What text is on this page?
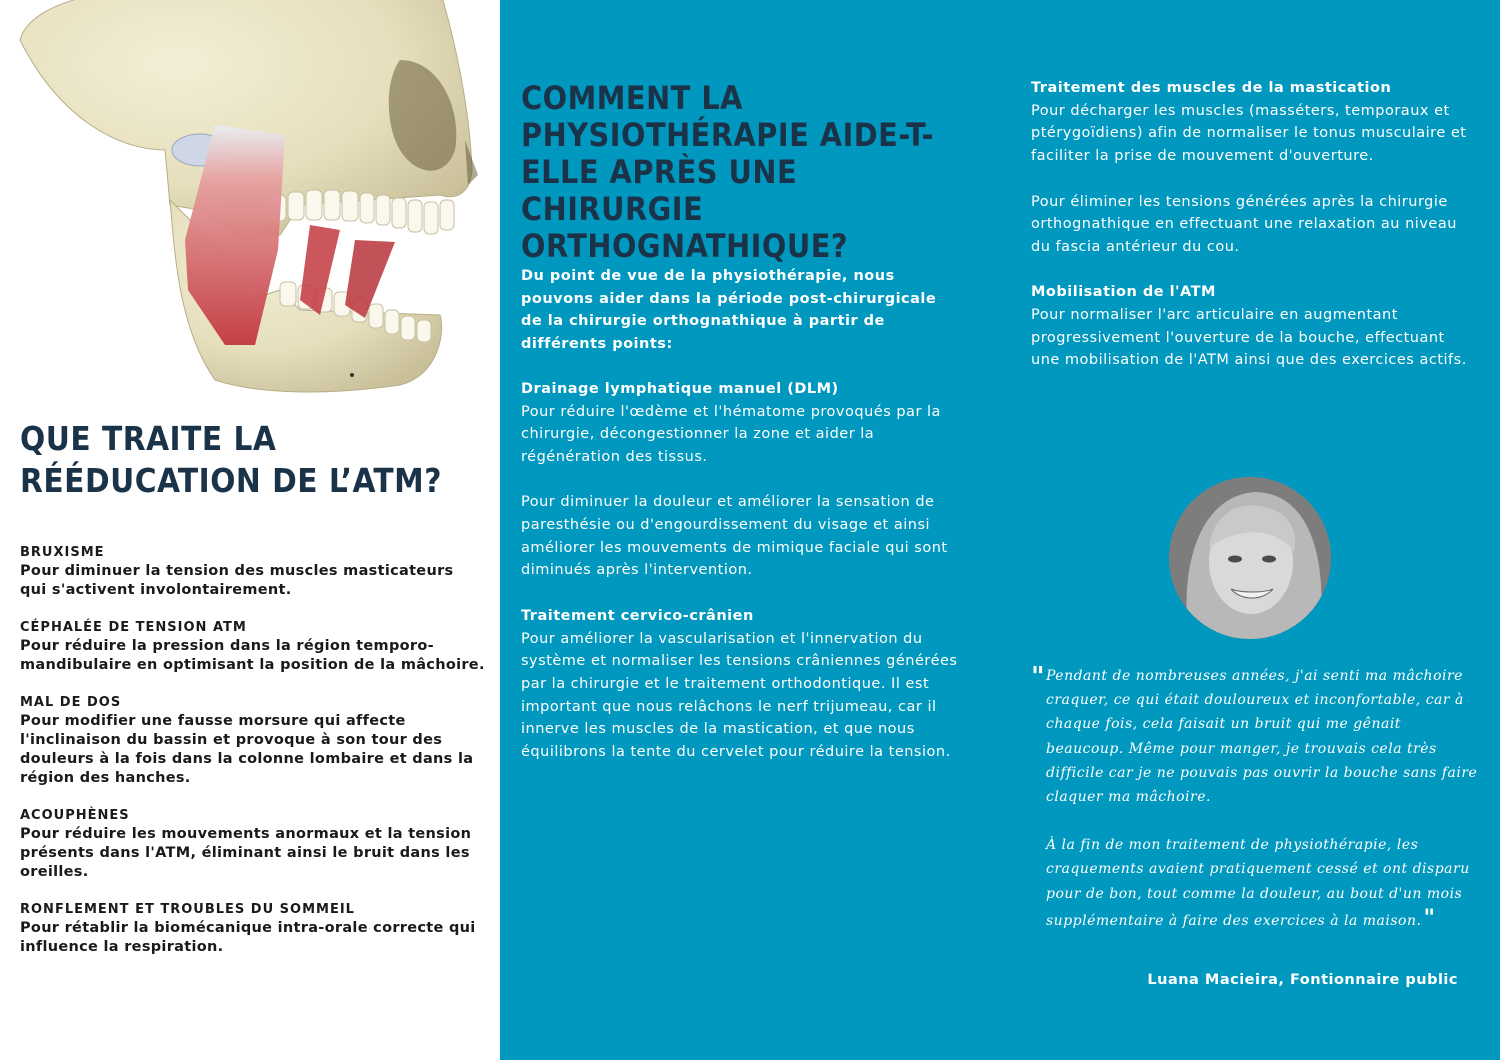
QUE TRAITE LA RÉÉDUCATION DE L’ATM?
BRUXISME
Pour diminuer la tension des muscles masticateurs qui s'activent involontairement.
CÉPHALÉE DE TENSION ATM
Pour réduire la pression dans la région temporo-mandibulaire en optimisant la position de la mâchoire.
MAL DE DOS
Pour modifier une fausse morsure qui affecte l'inclinaison du bassin et provoque à son tour des douleurs à la fois dans la colonne lombaire et dans la région des hanches.
ACOUPHÈNES
Pour réduire les mouvements anormaux et la tension présents dans l'ATM, éliminant ainsi le bruit dans les oreilles.
RONFLEMENT ET TROUBLES DU SOMMEIL
Pour rétablir la biomécanique intra-orale correcte qui influence la respiration.
COMMENT LA PHYSIOTHÉRAPIE AIDE-T-ELLE APRÈS UNE CHIRURGIE ORTHOGNATHIQUE?

Du point de vue de la physiothérapie, nous pouvons aider dans la période post-chirurgicale de la chirurgie orthognathique à partir de différents points:

Drainage lymphatique manuel (DLM)
Pour réduire l'œdème et l'hématome provoqués par la chirurgie, décongestionner la zone et aider la régénération des tissus.

Pour diminuer la douleur et améliorer la sensation de paresthésie ou d'engourdissement du visage et ainsi améliorer les mouvements de mimique faciale qui sont diminués après l'intervention.

Traitement cervico-crânien
Pour améliorer la vascularisation et l'innervation du système et normaliser les tensions crâniennes générées par la chirurgie et le traitement orthodontique. Il est important que nous relâchons le nerf trijumeau, car il innerve les muscles de la mastication, et que nous équilibrons la tente du cervelet pour réduire la tension.
Traitement des muscles de la mastication
Pour décharger les muscles (masséters, temporaux et ptérygoïdiens) afin de normaliser le tonus musculaire et faciliter la prise de mouvement d'ouverture.

Pour éliminer les tensions générées après la chirurgie orthognathique en effectuant une relaxation au niveau du fascia antérieur du cou.

Mobilisation de l'ATM
Pour normaliser l'arc articulaire en augmentant progressivement l'ouverture de la bouche, effectuant une mobilisation de l'ATM ainsi que des exercices actifs.
" Pendant de nombreuses années, j'ai senti ma mâchoire craquer, ce qui était douloureux et inconfortable, car à chaque fois, cela faisait un bruit qui me gênait beaucoup. Même pour manger, je trouvais cela très difficile car je ne pouvais pas ouvrir la bouche sans faire claquer ma mâchoire.

À la fin de mon traitement de physiothérapie, les craquements avaient pratiquement cessé et ont disparu pour de bon, tout comme la douleur, au bout d'un mois supplémentaire à faire des exercices à la maison."

Luana Macieira, Fontionnaire public
